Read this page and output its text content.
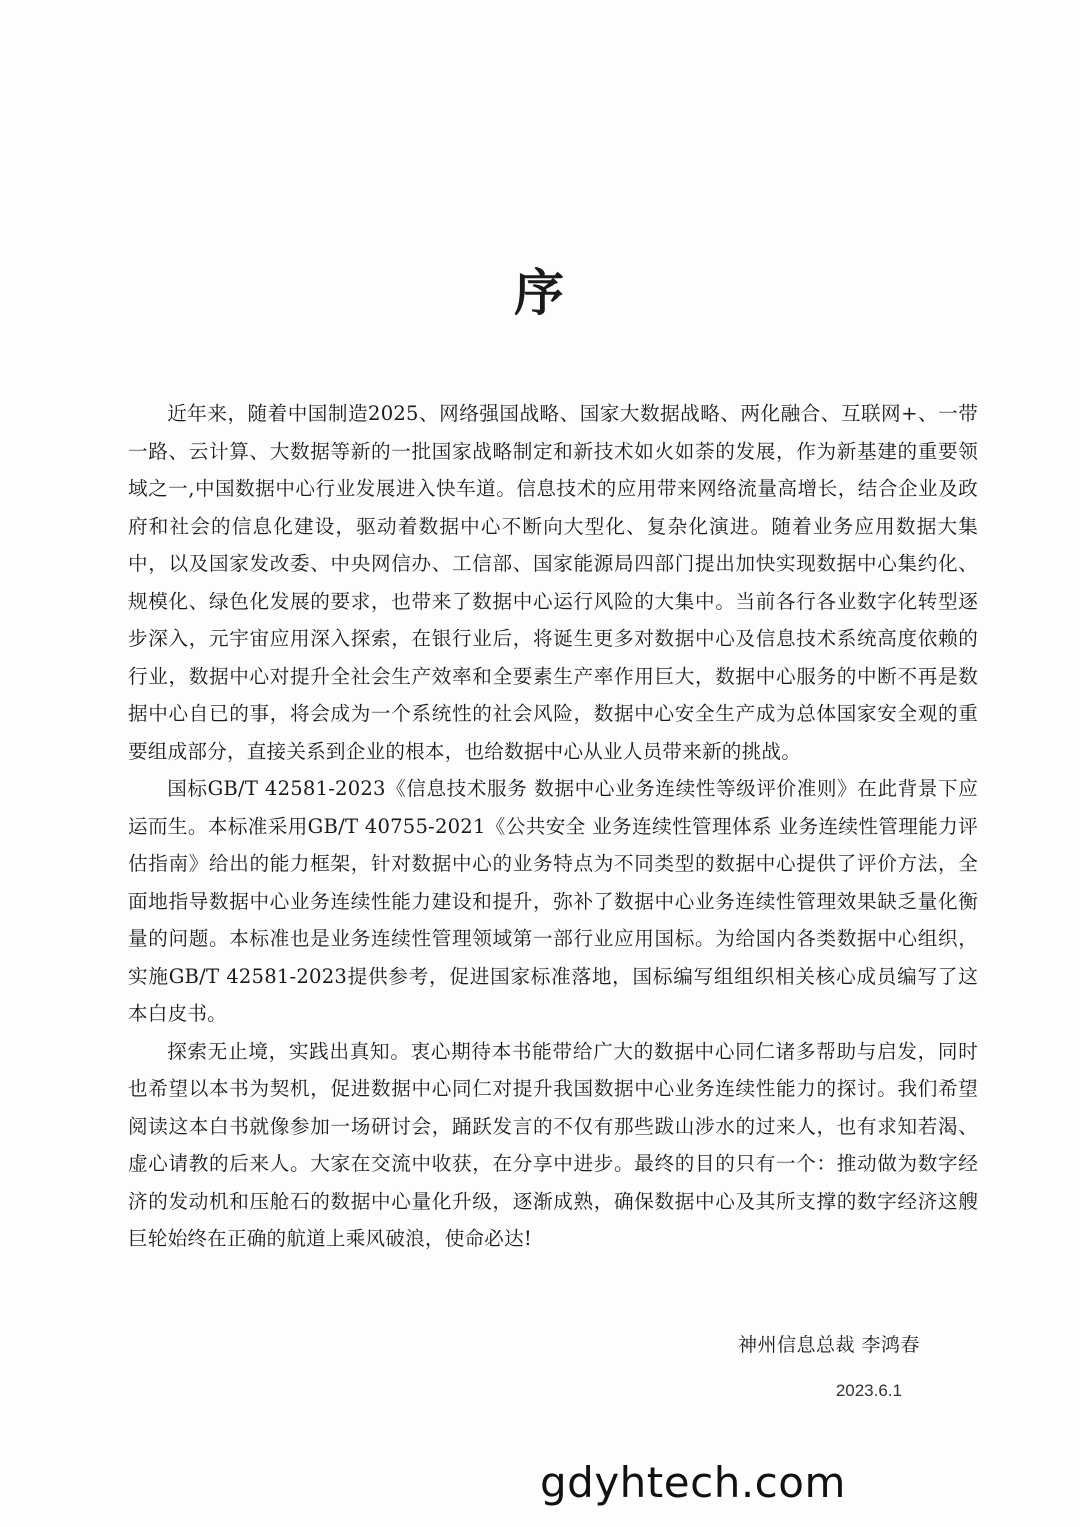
序

近年来，随着中国制造2025、网络强国战略、国家大数据战略、两化融合、互联网+、一带一路、云计算、大数据等新的一批国家战略制定和新技术如火如荼的发展，作为新基建的重要领域之一,中国数据中心行业发展进入快车道。信息技术的应用带来网络流量高增长，结合企业及政府和社会的信息化建设，驱动着数据中心不断向大型化、复杂化演进。随着业务应用数据大集中，以及国家发改委、中央网信办、工信部、国家能源局四部门提出加快实现数据中心集约化、规模化、绿色化发展的要求，也带来了数据中心运行风险的大集中。当前各行各业数字化转型逐步深入，元宇宙应用深入探索，在银行业后，将诞生更多对数据中心及信息技术系统高度依赖的行业，数据中心对提升全社会生产效率和全要素生产率作用巨大，数据中心服务的中断不再是数据中心自已的事，将会成为一个系统性的社会风险，数据中心安全生产成为总体国家安全观的重要组成部分，直接关系到企业的根本，也给数据中心从业人员带来新的挑战。

国标GB/T 42581-2023《信息技术服务 数据中心业务连续性等级评价准则》在此背景下应运而生。本标准采用GB/T 40755-2021《公共安全 业务连续性管理体系 业务连续性管理能力评估指南》给出的能力框架，针对数据中心的业务特点为不同类型的数据中心提供了评价方法，全面地指导数据中心业务连续性能力建设和提升，弥补了数据中心业务连续性管理效果缺乏量化衡量的问题。本标准也是业务连续性管理领域第一部行业应用国标。为给国内各类数据中心组织，实施GB/T 42581-2023提供参考，促进国家标准落地，国标编写组组织相关核心成员编写了这本白皮书。

探索无止境，实践出真知。衷心期待本书能带给广大的数据中心同仁诸多帮助与启发，同时也希望以本书为契机，促进数据中心同仁对提升我国数据中心业务连续性能力的探讨。我们希望阅读这本白书就像参加一场研讨会，踊跃发言的不仅有那些跋山涉水的过来人，也有求知若渴、虚心请教的后来人。大家在交流中收获，在分享中进步。最终的目的只有一个：推动做为数字经济的发动机和压舱石的数据中心量化升级，逐渐成熟，确保数据中心及其所支撑的数字经济这艘巨轮始终在正确的航道上乘风破浪，使命必达!

神州信息总裁 李鸿春
2023.6.1
gdyhtech.com
